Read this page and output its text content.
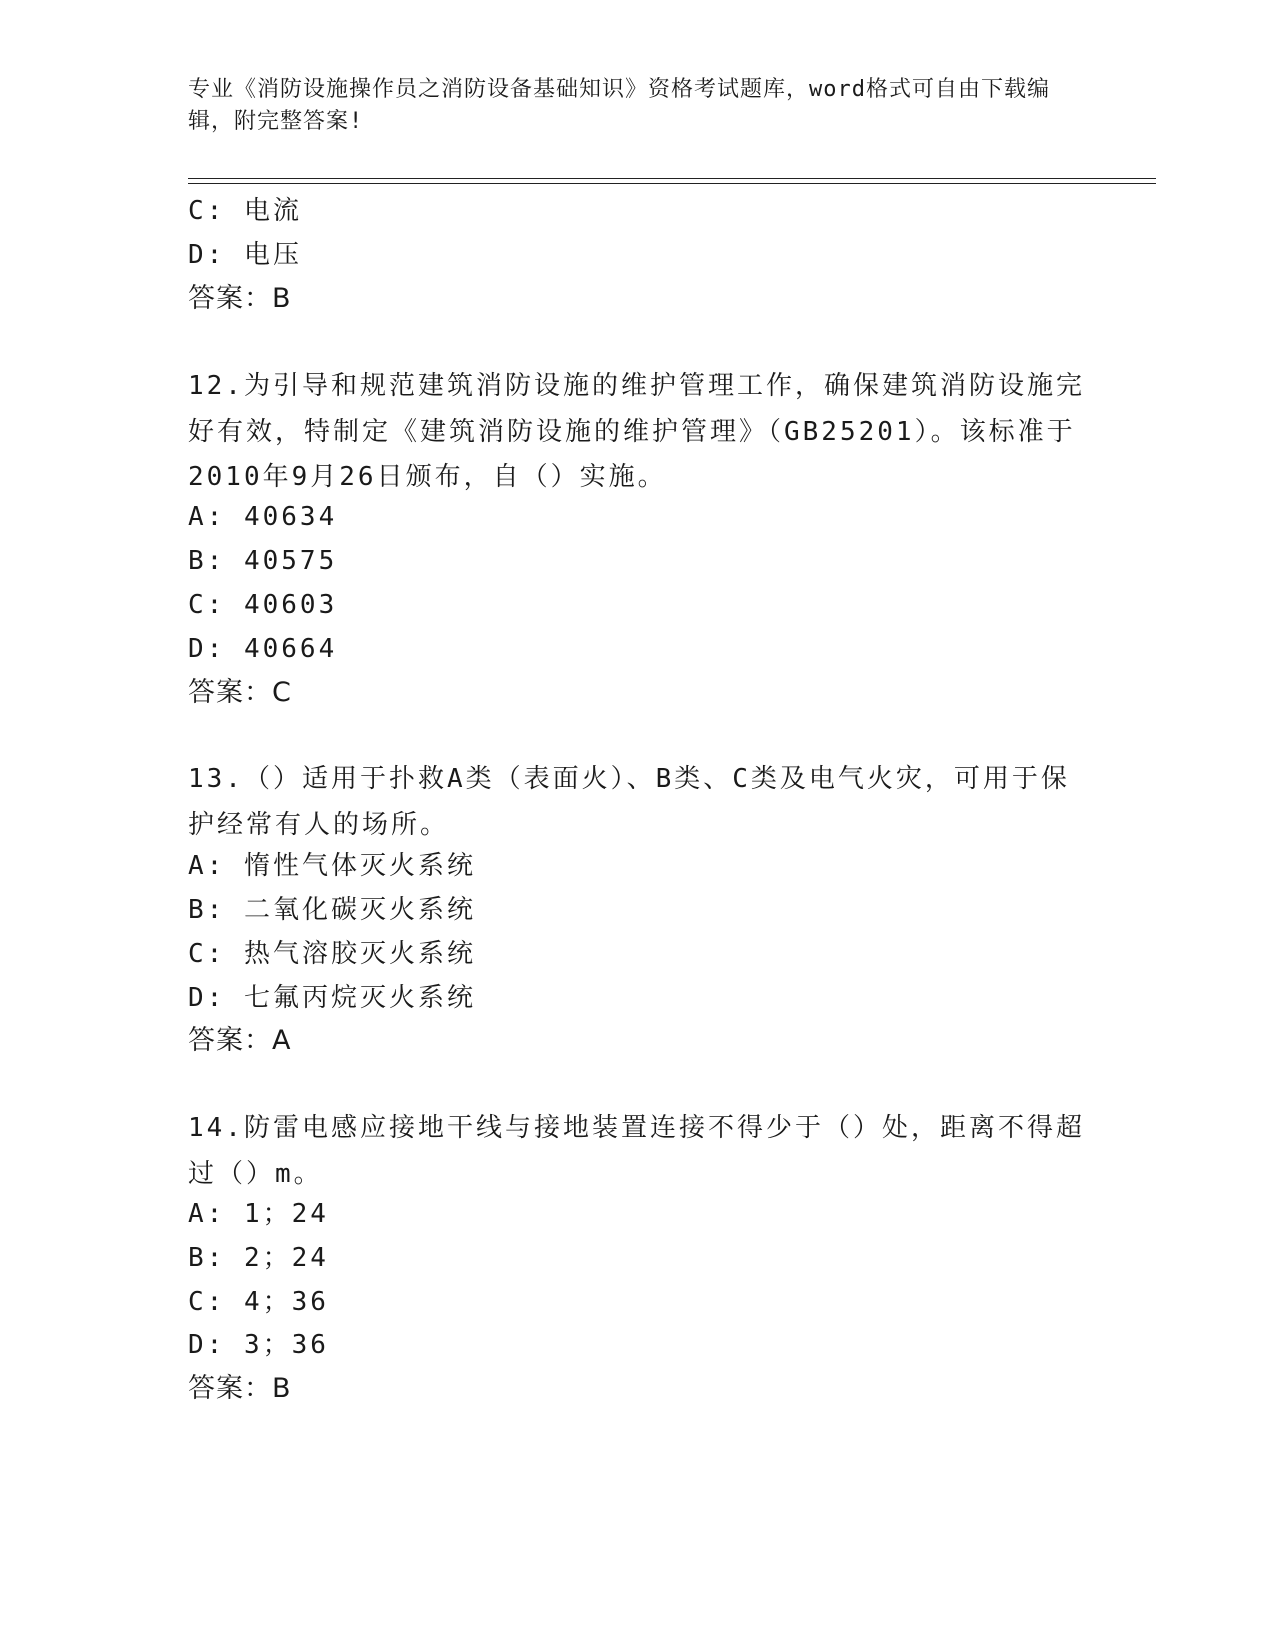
专业《消防设施操作员之消防设备基础知识》资格考试题库，word格式可自由下载编辑，附完整答案!
C: 电流
D: 电压
答案：B
12.为引导和规范建筑消防设施的维护管理工作，确保建筑消防设施完好有效，特制定《建筑消防设施的维护管理》（GB25201）。该标准于2010年9月26日颁布，自（）实施。
A: 40634
B: 40575
C: 40603
D: 40664
答案：C
13.（）适用于扑救A类（表面火）、B类、C类及电气火灾，可用于保护经常有人的场所。
A: 惰性气体灭火系统
B: 二氧化碳灭火系统
C: 热气溶胶灭火系统
D: 七氟丙烷灭火系统
答案：A
14.防雷电感应接地干线与接地装置连接不得少于（）处，距离不得超过（）m。
A: 1；24
B: 2；24
C: 4；36
D: 3；36
答案：B
